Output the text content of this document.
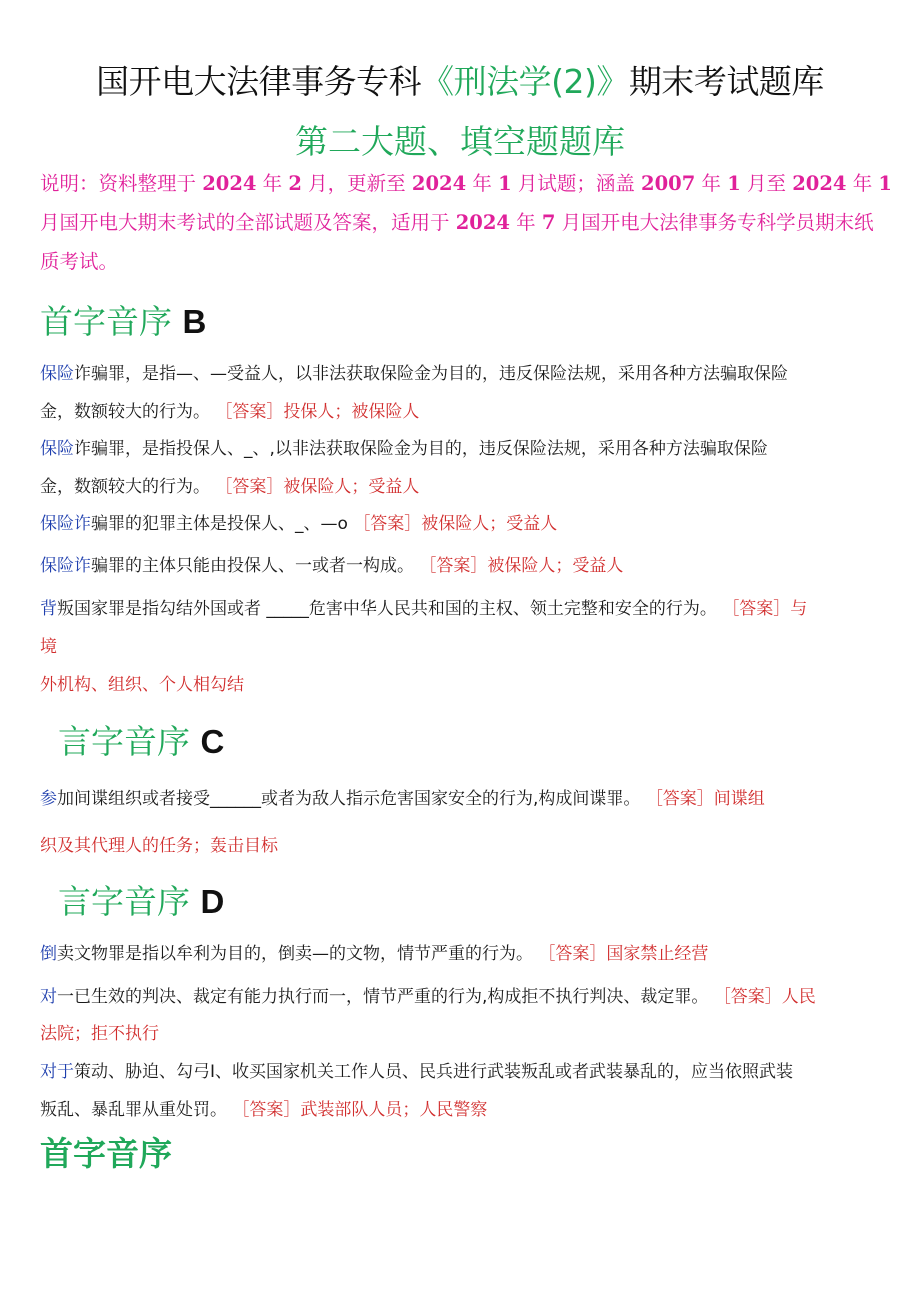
国开电大法律事务专科《刑法学(2)》期末考试题库
第二大题、填空题题库
说明：资料整理于 2024 年 2 月，更新至 2024 年 1 月试题；涵盖 2007 年 1 月至 2024 年 1
月国开电大期末考试的全部试题及答案，适用于 2024 年 7 月国开电大法律事务专科学员期末纸
质考试。
首字音序 B
保险诈骗罪，是指—、—受益人，以非法获取保险金为目的，违反保险法规，采用各种方法骗取保险
金，数额较大的行为。 ［答案］投保人；被保险人
保险诈骗罪，是指投保人、_、,以非法获取保险金为目的，违反保险法规，采用各种方法骗取保险
金，数额较大的行为。 ［答案］被保险人；受益人
保险诈骗罪的犯罪主体是投保人、_、—o ［答案］被保险人；受益人
保险诈骗罪的主体只能由投保人、一或者一构成。 ［答案］被保险人；受益人
背叛国家罪是指勾结外国或者 _____危害中华人民共和国的主权、领土完整和安全的行为。 ［答案］与
境
外机构、组织、个人相勾结
言字音序 C
参加间谍组织或者接受______或者为敌人指示危害国家安全的行为,构成间谍罪。 ［答案］间谍组
织及其代理人的任务；轰击目标
言字音序 D
倒卖文物罪是指以牟利为目的，倒卖—的文物，情节严重的行为。 ［答案］国家禁止经营
对一已生效的判决、裁定有能力执行而一，情节严重的行为,构成拒不执行判决、裁定罪。 ［答案］人民
法院；拒不执行
对于策动、胁迫、勾弓I、收买国家机关工作人员、民兵进行武装叛乱或者武装暴乱的，应当依照武装
叛乱、暴乱罪从重处罚。 ［答案］武装部队人员；人民警察
首字音序
